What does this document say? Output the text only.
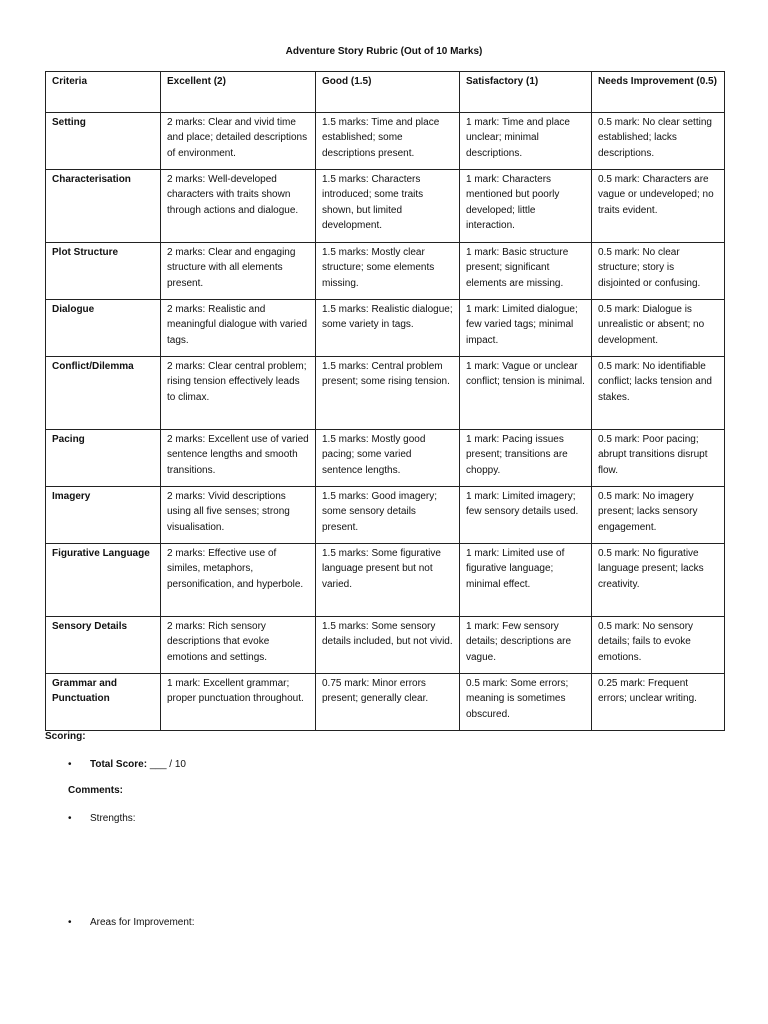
Adventure Story Rubric (Out of 10 Marks)
Criteria	Excellent (2)	Good (1.5)	Satisfactory (1)	Needs Improvement (0.5)
Setting	2 marks: Clear and vivid time and place; detailed descriptions of environment.	1.5 marks: Time and place established; some descriptions present.	1 mark: Time and place unclear; minimal descriptions.	0.5 mark: No clear setting established; lacks descriptions.
Characterisation	2 marks: Well-developed characters with traits shown through actions and dialogue.	1.5 marks: Characters introduced; some traits shown, but limited development.	1 mark: Characters mentioned but poorly developed; little interaction.	0.5 mark: Characters are vague or undeveloped; no traits evident.
Plot Structure	2 marks: Clear and engaging structure with all elements present.	1.5 marks: Mostly clear structure; some elements missing.	1 mark: Basic structure present; significant elements are missing.	0.5 mark: No clear structure; story is disjointed or confusing.
Dialogue	2 marks: Realistic and meaningful dialogue with varied tags.	1.5 marks: Realistic dialogue; some variety in tags.	1 mark: Limited dialogue; few varied tags; minimal impact.	0.5 mark: Dialogue is unrealistic or absent; no development.
Conflict/Dilemma	2 marks: Clear central problem; rising tension effectively leads to climax.	1.5 marks: Central problem present; some rising tension.	1 mark: Vague or unclear conflict; tension is minimal.	0.5 mark: No identifiable conflict; lacks tension and stakes.
Pacing	2 marks: Excellent use of varied sentence lengths and smooth transitions.	1.5 marks: Mostly good pacing; some varied sentence lengths.	1 mark: Pacing issues present; transitions are choppy.	0.5 mark: Poor pacing; abrupt transitions disrupt flow.
Imagery	2 marks: Vivid descriptions using all five senses; strong visualisation.	1.5 marks: Good imagery; some sensory details present.	1 mark: Limited imagery; few sensory details used.	0.5 mark: No imagery present; lacks sensory engagement.
Figurative Language	2 marks: Effective use of similes, metaphors, personification, and hyperbole.	1.5 marks: Some figurative language present but not varied.	1 mark: Limited use of figurative language; minimal effect.	0.5 mark: No figurative language present; lacks creativity.
Sensory Details	2 marks: Rich sensory descriptions that evoke emotions and settings.	1.5 marks: Some sensory details included, but not vivid.	1 mark: Few sensory details; descriptions are vague.	0.5 mark: No sensory details; fails to evoke emotions.
Grammar and Punctuation	1 mark: Excellent grammar; proper punctuation throughout.	0.75 mark: Minor errors present; generally clear.	0.5 mark: Some errors; meaning is sometimes obscured.	0.25 mark: Frequent errors; unclear writing.
Scoring:
• Total Score: ___ / 10
Comments:
• Strengths:
• Areas for Improvement:
